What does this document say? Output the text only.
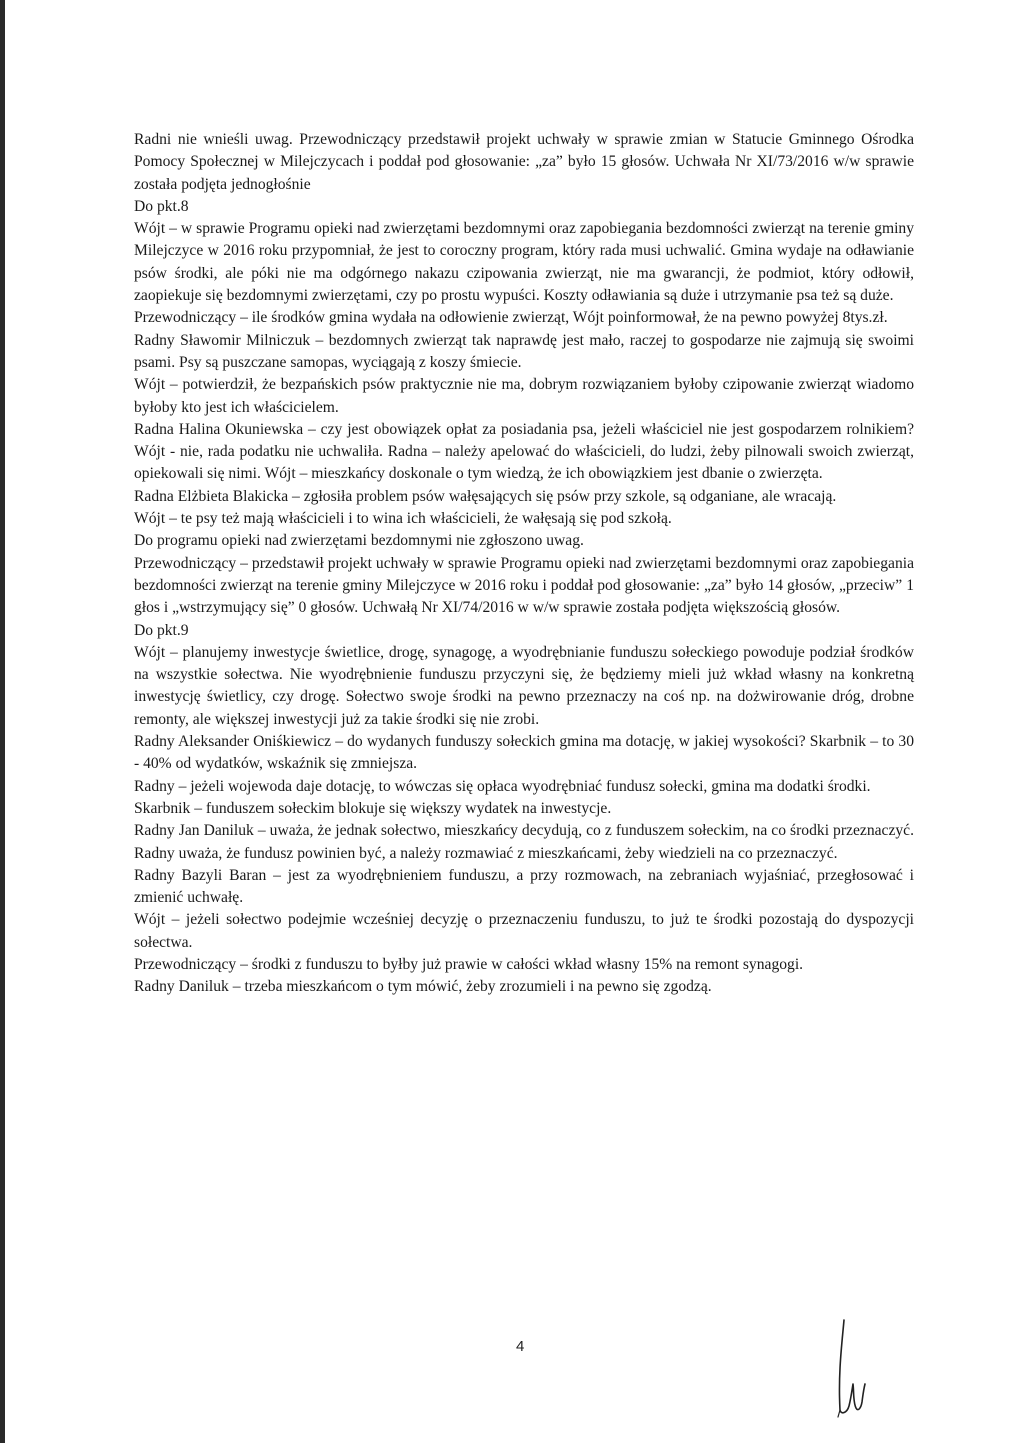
Radni nie wnieśli uwag. Przewodniczący przedstawił projekt uchwały w sprawie zmian w Statucie Gminnego Ośrodka Pomocy Społecznej w Milejczycach i poddał pod głosowanie: „za” było 15 głosów. Uchwała Nr XI/73/2016 w/w sprawie została podjęta jednogłośnie

Do pkt.8

Wójt – w sprawie Programu opieki nad zwierzętami bezdomnymi oraz zapobiegania bezdomności zwierząt na terenie gminy Milejczyce w 2016 roku przypomniał, że jest to coroczny program, który rada musi uchwalić. Gmina wydaje na odławianie psów środki, ale póki nie ma odgórnego nakazu czipowania zwierząt, nie ma gwarancji, że podmiot, który odłowił, zaopiekuje się bezdomnymi zwierzętami, czy po prostu wypuści. Koszty odławiania są duże i utrzymanie psa też są duże.

Przewodniczący – ile środków gmina wydała na odłowienie zwierząt, Wójt poinformował, że na pewno powyżej 8tys.zł.

Radny Sławomir Milniczuk – bezdomnych zwierząt tak naprawdę jest mało, raczej to gospodarze nie zajmują się swoimi psami. Psy są puszczane samopas, wyciągają z koszy śmiecie.

Wójt – potwierdził, że bezpańskich psów praktycznie nie ma, dobrym rozwiązaniem byłoby czipowanie zwierząt wiadomo byłoby kto jest ich właścicielem.

Radna Halina Okuniewska – czy jest obowiązek opłat za posiadania psa, jeżeli właściciel nie jest gospodarzem rolnikiem? Wójt - nie, rada podatku nie uchwaliła. Radna – należy apelować do właścicieli, do ludzi, żeby pilnowali swoich zwierząt, opiekowali się nimi. Wójt – mieszkańcy doskonale o tym wiedzą, że ich obowiązkiem jest dbanie o zwierzęta.

Radna Elżbieta Blakicka – zgłosiła problem psów wałęsających się psów przy szkole, są odganiane, ale wracają.

Wójt – te psy też mają właścicieli i to wina ich właścicieli, że wałęsają się pod szkołą.

Do programu opieki nad zwierzętami bezdomnymi nie zgłoszono uwag.

Przewodniczący – przedstawił projekt uchwały w sprawie Programu opieki nad zwierzętami bezdomnymi oraz zapobiegania bezdomności zwierząt na terenie gminy Milejczyce w 2016 roku i poddał pod głosowanie: „za” było 14 głosów, „przeciw” 1 głos i „wstrzymujący się” 0 głosów. Uchwałą Nr XI/74/2016 w w/w sprawie została podjęta większością głosów.

Do pkt.9

Wójt – planujemy inwestycje świetlice, drogę, synagogę, a wyodrębnianie funduszu sołeckiego powoduje podział środków na wszystkie sołectwa. Nie wyodrębnienie funduszu przyczyni się, że będziemy mieli już wkład własny na konkretną inwestycję świetlicy, czy drogę. Sołectwo swoje środki na pewno przeznaczy na coś np. na dożwirowanie dróg, drobne remonty, ale większej inwestycji już za takie środki się nie zrobi.

Radny Aleksander Oniśkiewicz – do wydanych funduszy sołeckich gmina ma dotację, w jakiej wysokości? Skarbnik – to 30 - 40% od wydatków, wskaźnik się zmniejsza.

Radny – jeżeli wojewoda daje dotację, to wówczas się opłaca wyodrębniać fundusz sołecki, gmina ma dodatki środki.

Skarbnik – funduszem sołeckim blokuje się większy wydatek na inwestycje.

Radny Jan Daniluk – uważa, że jednak sołectwo, mieszkańcy decydują, co z funduszem sołeckim, na co środki przeznaczyć. Radny uważa, że fundusz powinien być, a należy rozmawiać z mieszkańcami, żeby wiedzieli na co przeznaczyć.

Radny Bazyli Baran – jest za wyodrębnieniem funduszu, a przy rozmowach, na zebraniach wyjaśniać, przegłosować i zmienić uchwałę.

Wójt – jeżeli sołectwo podejmie wcześniej decyzję o przeznaczeniu funduszu, to już te środki pozostają do dyspozycji sołectwa.

Przewodniczący – środki z funduszu to byłby już prawie w całości wkład własny 15% na remont synagogi.

Radny Daniluk – trzeba mieszkańcom o tym mówić, żeby zrozumieli i na pewno się zgodzą.

4
